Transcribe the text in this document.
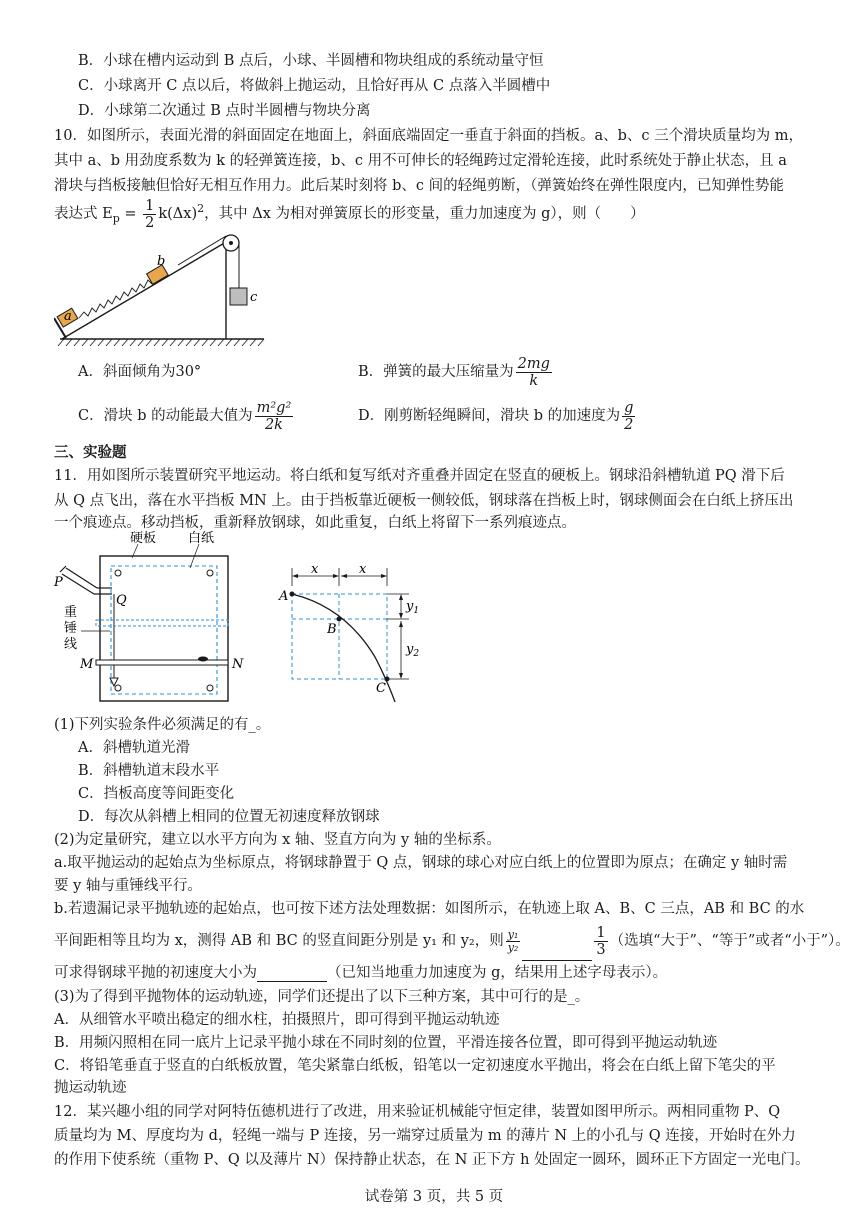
B．小球在槽内运动到 B 点后，小球、半圆槽和物块组成的系统动量守恒
C．小球离开 C 点以后，将做斜上抛运动，且恰好再从 C 点落入半圆槽中
D．小球第二次通过 B 点时半圆槽与物块分离
10．如图所示，表面光滑的斜面固定在地面上，斜面底端固定一垂直于斜面的挡板。a、b、c 三个滑块质量均为 m，
其中 a、b 用劲度系数为 k 的轻弹簧连接，b、c 用不可伸长的轻绳跨过定滑轮连接，此时系统处于静止状态，且 a
滑块与挡板接触但恰好无相互作用力。此后某时刻将 b、c 间的轻绳剪断，（弹簧始终在弹性限度内，已知弹性势能
表达式 $E_p = \frac{1}{2} k(\Delta x)^2$，其中 Δx 为相对弹簧原长的形变量，重力加速度为 g），则（　　）
a
b
c
A．斜面倾角为30°	B．弹簧的最大压缩量为 $\frac{2mg}{k}$
C．滑块 b 的动能最大值为 $\frac{\text{m²g²}}{2k}$	D．刚剪断轻绳瞬间，滑块 b 的加速度为 $\frac{g}{2}$
三、实验题
11．用如图所示装置研究平地运动。将白纸和复写纸对齐重叠并固定在竖直的硬板上。钢球沿斜槽轨道 PQ 滑下后
从 Q 点飞出，落在水平挡板 MN 上。由于挡板靠近硬板一侧较低，钢球落在挡板上时，钢球侧面会在白纸上挤压出
一个痕迹点。移动挡板，重新释放钢球，如此重复，白纸上将留下一系列痕迹点。
硬板 白纸
P
Q
重
锤
线
M	N
x	x
A
B
C
$y_1$
$y_2$
(1)下列实验条件必须满足的有_。
A．斜槽轨道光滑
B．斜槽轨道末段水平
C．挡板高度等间距变化
D．每次从斜槽上相同的位置无初速度释放钢球
(2)为定量研究，建立以水平方向为 x 轴、竖直方向为 y 轴的坐标系。
a.取平抛运动的起始点为坐标原点，将钢球静置于 Q 点，钢球的球心对应白纸上的位置即为原点；在确定 y 轴时需
要 y 轴与重锤线平行。
b.若遗漏记录平抛轨迹的起始点，也可按下述方法处理数据：如图所示，在轨迹上取 A、B、C 三点，AB 和 BC 的水
平间距相等且均为 x，测得 AB 和 BC 的竖直间距分别是 y₁ 和 y₂，则 $\frac{\text{y₁}}{\text{y₂}}$	$\frac{1}{3}$ （选填“大于”、“等于”或者“小于”）。
可求得钢球平抛的初速度大小为	（已知当地重力加速度为 g，结果用上述字母表示）。
(3)为了得到平抛物体的运动轨迹，同学们还提出了以下三种方案，其中可行的是_。
A．从细管水平喷出稳定的细水柱，拍摄照片，即可得到平抛运动轨迹
B．用频闪照相在同一底片上记录平抛小球在不同时刻的位置，平滑连接各位置，即可得到平抛运动轨迹
C．将铅笔垂直于竖直的白纸板放置，笔尖紧靠白纸板，铅笔以一定初速度水平抛出，将会在白纸上留下笔尖的平
抛运动轨迹
12．某兴趣小组的同学对阿特伍德机进行了改进，用来验证机械能守恒定律，装置如图甲所示。两相同重物 P、Q
质量均为 M、厚度均为 d，轻绳一端与 P 连接，另一端穿过质量为 m 的薄片 N 上的小孔与 Q 连接，开始时在外力
的作用下使系统（重物 P、Q 以及薄片 N）保持静止状态，在 N 正下方 h 处固定一圆环，圆环正下方固定一光电门。
试卷第 3 页，共 5 页
